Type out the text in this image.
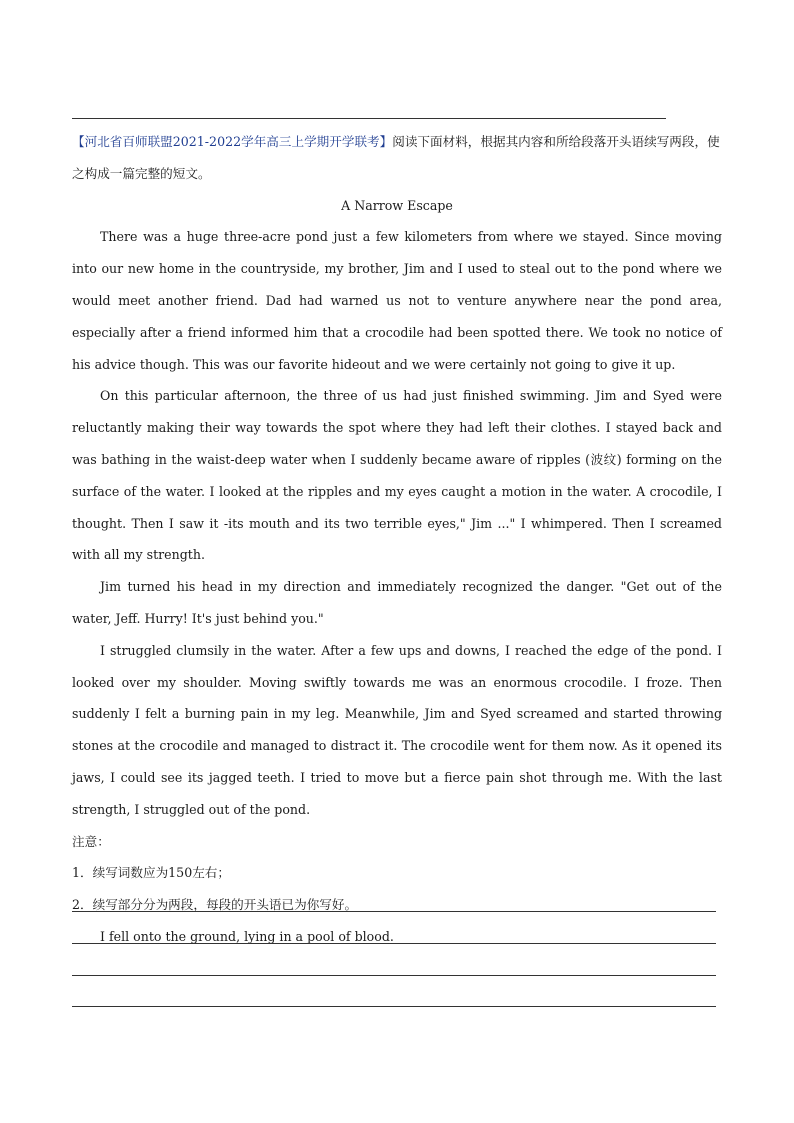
【河北省百师联盟2021-2022学年高三上学期开学联考】阅读下面材料，根据其内容和所给段落开头语续写两段，使之构成一篇完整的短文。

A Narrow Escape

There was a huge three-acre pond just a few kilometers from where we stayed. Since moving into our new home in the countryside, my brother, Jim and I used to steal out to the pond where we would meet another friend. Dad had warned us not to venture anywhere near the pond area, especially after a friend informed him that a crocodile had been spotted there. We took no notice of his advice though. This was our favorite hideout and we were certainly not going to give it up.

On this particular afternoon, the three of us had just finished swimming. Jim and Syed were reluctantly making their way towards the spot where they had left their clothes. I stayed back and was bathing in the waist-deep water when I suddenly became aware of ripples (波纹) forming on the surface of the water. I looked at the ripples and my eyes caught a motion in the water. A crocodile, I thought. Then I saw it -its mouth and its two terrible eyes," Jim ..." I whimpered. Then I screamed with all my strength.

Jim turned his head in my direction and immediately recognized the danger. "Get out of the water, Jeff. Hurry! It's just behind you."

I struggled clumsily in the water. After a few ups and downs, I reached the edge of the pond. I looked over my shoulder. Moving swiftly towards me was an enormous crocodile. I froze. Then suddenly I felt a burning pain in my leg. Meanwhile, Jim and Syed screamed and started throwing stones at the crocodile and managed to distract it. The crocodile went for them now. As it opened its jaws, I could see its jagged teeth. I tried to move but a fierce pain shot through me. With the last strength, I struggled out of the pond.

注意：

1．续写词数应为150左右；

2．续写部分分为两段，每段的开头语已为你写好。

I fell onto the ground, lying in a pool of blood.
